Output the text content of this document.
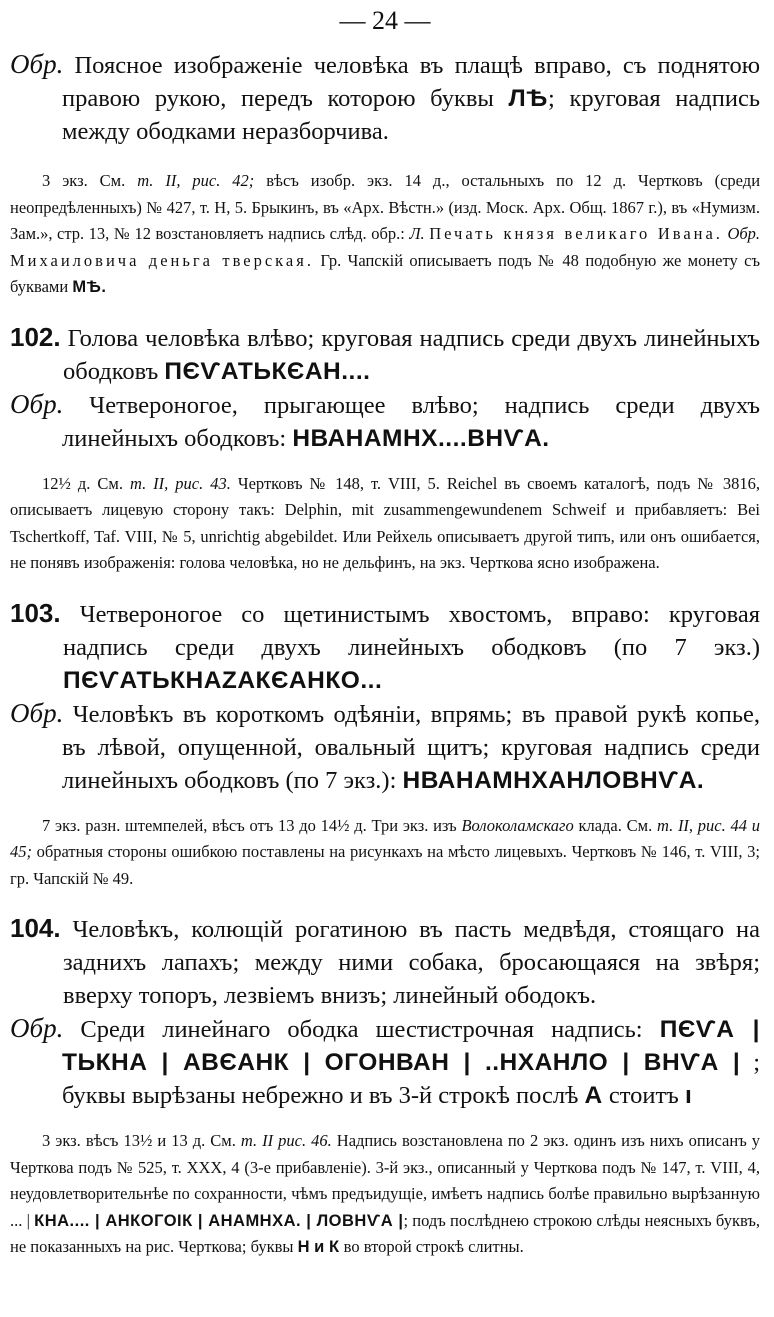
— 24 —
Обр. Поясное изображеніе человѣка въ плащѣ вправо, съ поднятою правою рукою, передъ которою буквы ЛѢ; круговая надпись между ободками неразборчива.
3 экз. См. т. II, рис. 42; вѣсъ изобр. экз. 14 д., остальныхъ по 12 д. Чертковъ (среди неопредѣленныхъ) № 427, т. Н, 5. Брыкинъ, въ «Арх. Вѣстн.» (изд. Моск. Арх. Общ. 1867 г.), въ «Нумизм. Зам.», стр. 13, № 12 возстановляетъ надпись слѣд. обр.: Л. Печать князя великаго Ивана. Обр. Михаиловича деньга тверская. Гр. Чапскій описываетъ подъ № 48 подобную же монету съ буквами МѢ.
102. Голова человѣка влѣво; круговая надпись среди двухъ линейныхъ ободковъ ПЄѴАТЬКЄАН....
Обр. Четвероногое, прыгающее влѣво; надпись среди двухъ линейныхъ ободковъ: НВАНАМНХ....ВНѴА.
12½ д. См. т. II, рис. 43. Чертковъ № 148, т. VIII, 5. Reichel въ своемъ каталогѣ, подъ № 3816, описываетъ лицевую сторону такъ: Delphin, mit zusammengewundenem Schweif и прибавляетъ: Bei Tschertkoff, Taf. VIII, № 5, unrichtig abgebildet. Или Рейхель описываетъ другой типъ, или онъ ошибается, не понявъ изображенія: голова человѣка, но не дельфинъ, на экз. Черткова ясно изображена.
103. Четвероногое со щетинистымъ хвостомъ, вправо: круговая надпись среди двухъ линейныхъ ободковъ (по 7 экз.) ПЄѴАТЬКНАΖАКЄАНКО...
Обр. Человѣкъ въ короткомъ одѣяніи, впрямь; въ правой рукѣ копье, въ лѣвой, опущенной, овальный щитъ; круговая надпись среди линейныхъ ободковъ (по 7 экз.): НВАНАМНХАНЛОВНѴА.
7 экз. разн. штемпелей, вѣсъ отъ 13 до 14½ д. Три экз. изъ Волоколамскаго клада. См. т. II, рис. 44 и 45; обратныя стороны ошибкою поставлены на рисункахъ на мѣсто лицевыхъ. Чертковъ № 146, т. VIII, 3; гр. Чапскій № 49.
104. Человѣкъ, колющій рогатиною въ пасть медвѣдя, стоящаго на заднихъ лапахъ; между ними собака, бросающаяся на звѣря; вверху топоръ, лезвіемъ внизъ; линейный ободокъ.
Обр. Среди линейнаго ободка шестистрочная надпись: ПЄѴА | ТЬКНА | АВЄАНК | ОГОНВАН | ..НХАНЛО | ВНѴА | ; буквы вырѣзаны небрежно и въ 3-й строкѣ послѣ А стоитъ ı
3 экз. вѣсъ 13½ и 13 д. См. т. II рис. 46. Надпись возстановлена по 2 экз. одинъ изъ нихъ описанъ у Черткова подъ № 525, т. XXX, 4 (3-е прибавленіе). 3-й экз., описанный у Черткова подъ № 147, т. VIII, 4, неудовлетворительнѣе по сохранности, чѣмъ предъидущіе, имѣетъ надпись болѣе правильно вырѣзанную ... | КНА.... | АНКОГОІК | АНАМНХА. | ЛОВНѴА |; подъ послѣднею строкою слѣды неясныхъ буквъ, не показанныхъ на рис. Черткова; буквы Н и К во второй строкѣ слитны.
